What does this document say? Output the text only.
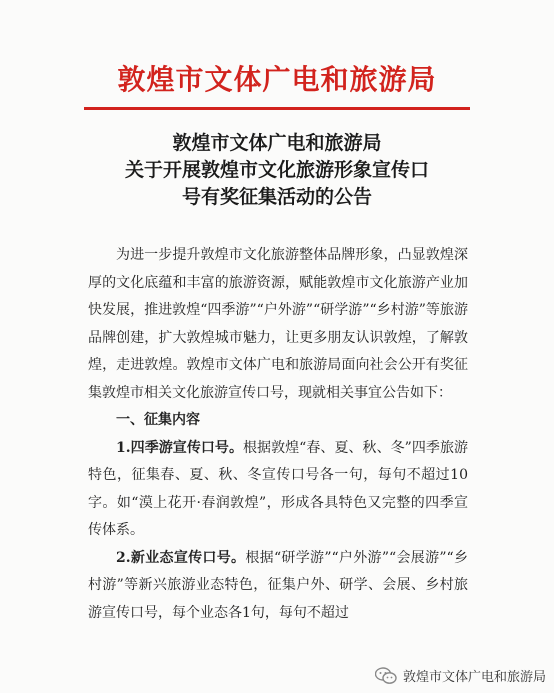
敦煌市文体广电和旅游局
敦煌市文体广电和旅游局
关于开展敦煌市文化旅游形象宣传口
号有奖征集活动的公告

为进一步提升敦煌市文化旅游整体品牌形象，凸显敦煌深厚的文化底蕴和丰富的旅游资源，赋能敦煌市文化旅游产业加快发展，推进敦煌“四季游”“户外游”“研学游”“乡村游”等旅游品牌创建，扩大敦煌城市魅力，让更多朋友认识敦煌，了解敦煌，走进敦煌。敦煌市文体广电和旅游局面向社会公开有奖征集敦煌市相关文化旅游宣传口号，现就相关事宜公告如下：

一、征集内容

1.四季游宣传口号。根据敦煌“春、夏、秋、冬”四季旅游特色，征集春、夏、秋、冬宣传口号各一句，每句不超过10字。如“漠上花开·春润敦煌”，形成各具特色又完整的四季宣传体系。

2.新业态宣传口号。根据“研学游”“户外游”“会展游”“乡村游”等新兴旅游业态特色，征集户外、研学、会展、乡村旅游宣传口号，每个业态各1句，每句不超过

敦煌市文体广电和旅游局
